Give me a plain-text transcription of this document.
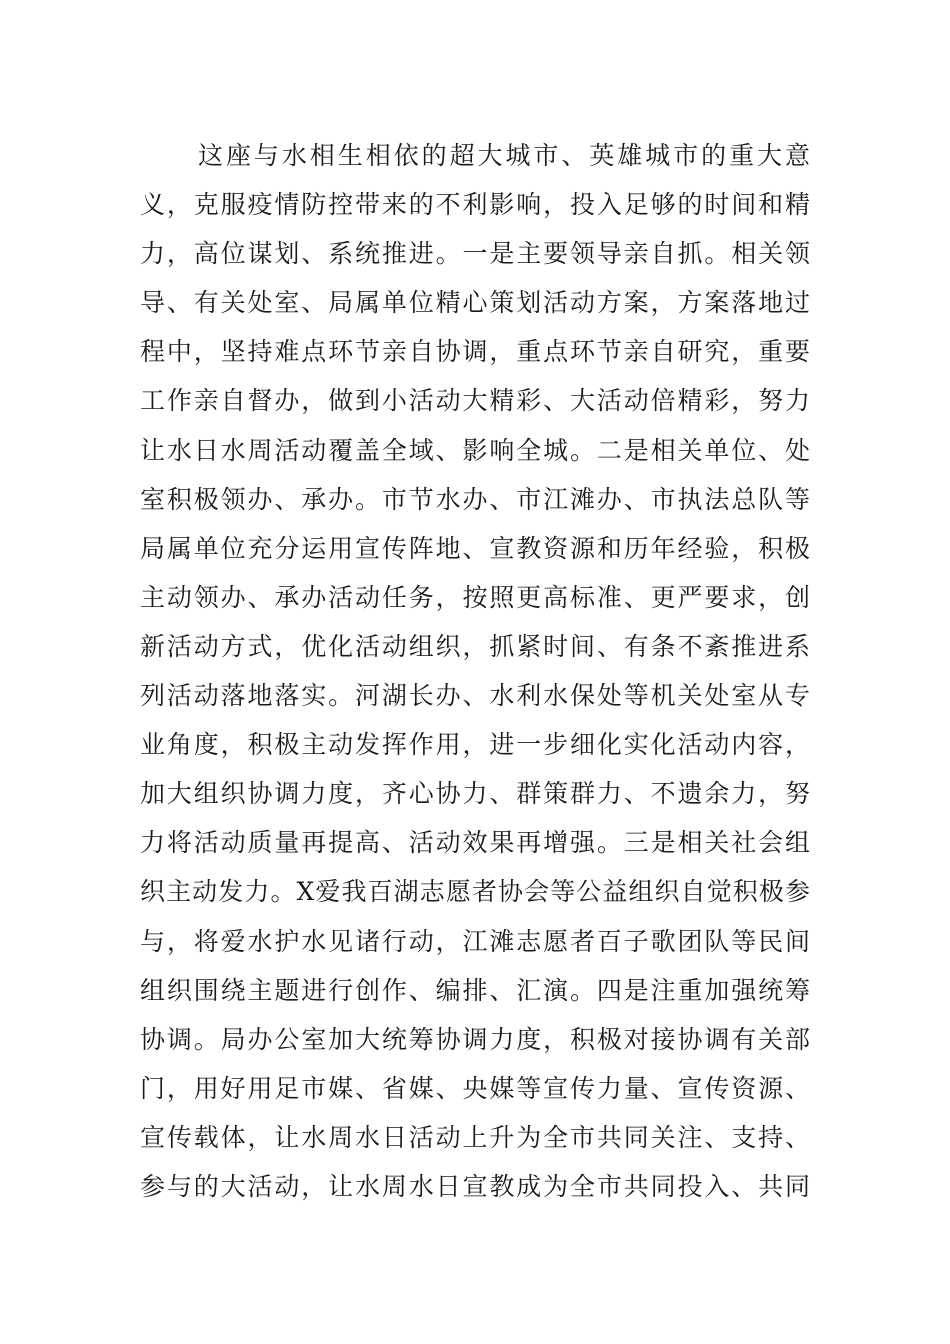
这座与水相生相依的超大城市、英雄城市的重大意
义，克服疫情防控带来的不利影响，投入足够的时间和精
力，高位谋划、系统推进。一是主要领导亲自抓。相关领
导、有关处室、局属单位精心策划活动方案，方案落地过
程中，坚持难点环节亲自协调，重点环节亲自研究，重要
工作亲自督办，做到小活动大精彩、大活动倍精彩，努力
让水日水周活动覆盖全域、影响全城。二是相关单位、处
室积极领办、承办。市节水办、市江滩办、市执法总队等
局属单位充分运用宣传阵地、宣教资源和历年经验，积极
主动领办、承办活动任务，按照更高标准、更严要求，创
新活动方式，优化活动组织，抓紧时间、有条不紊推进系
列活动落地落实。河湖长办、水利水保处等机关处室从专
业角度，积极主动发挥作用，进一步细化实化活动内容，
加大组织协调力度，齐心协力、群策群力、不遗余力，努
力将活动质量再提高、活动效果再增强。三是相关社会组
织主动发力。X爱我百湖志愿者协会等公益组织自觉积极参
与，将爱水护水见诸行动，江滩志愿者百子歌团队等民间
组织围绕主题进行创作、编排、汇演。四是注重加强统筹
协调。局办公室加大统筹协调力度，积极对接协调有关部
门，用好用足市媒、省媒、央媒等宣传力量、宣传资源、
宣传载体，让水周水日活动上升为全市共同关注、支持、
参与的大活动，让水周水日宣教成为全市共同投入、共同
